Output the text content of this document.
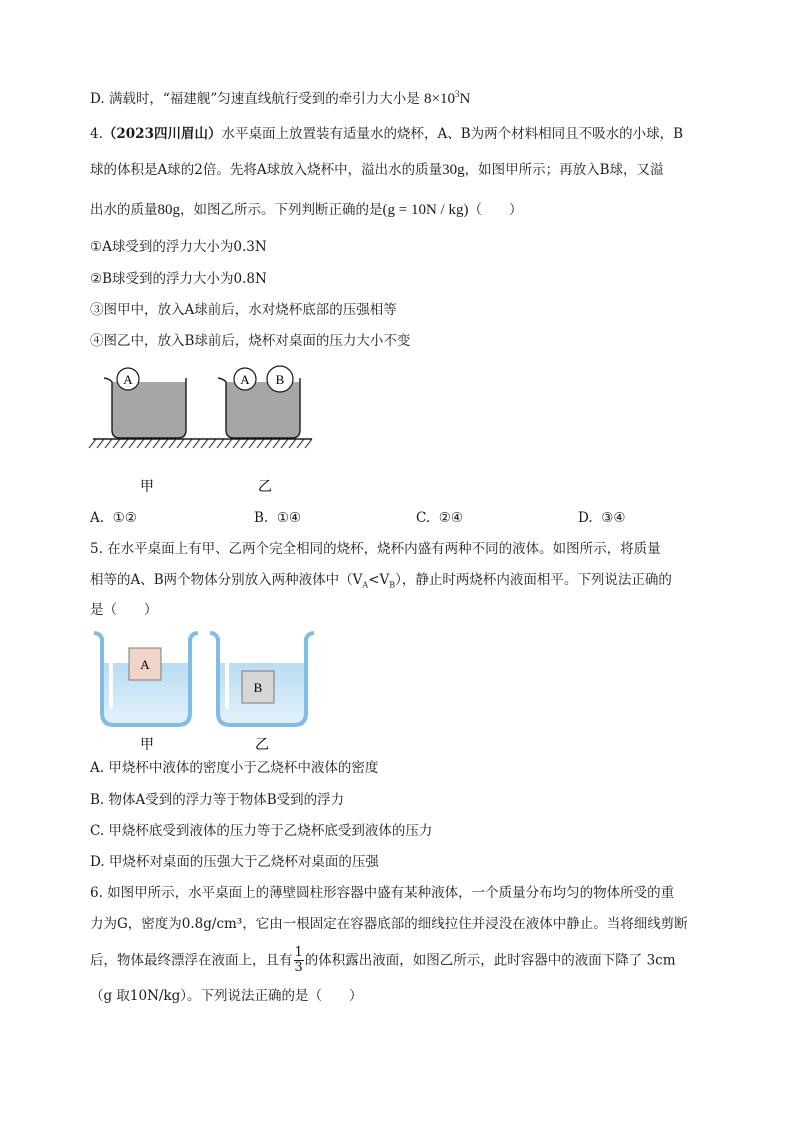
D. 满载时，“福建舰”匀速直线航行受到的牵引力大小是 $8\times 10^3N$
4.（2023四川眉山）水平桌面上放置装有适量水的烧杯，A、B为两个材料相同且不吸水的小球，B
球的体积是A球的2倍。先将A球放入烧杯中，溢出水的质量30g，如图甲所示；再放入B球，又溢
出水的质量80g，如图乙所示。下列判断正确的是(g = 10N / kg)（　　）
①A球受到的浮力大小为0.3N
②B球受到的浮力大小为0.8N
③图甲中，放入A球前后，水对烧杯底部的压强相等
④图乙中，放入B球前后，烧杯对桌面的压力大小不变
A	A B
甲	乙
A. ①②	B. ①④	C. ②④	D. ③④
5. 在水平桌面上有甲、乙两个完全相同的烧杯，烧杯内盛有两种不同的液体。如图所示，将质量
相等的A、B两个物体分别放入两种液体中$(V_A<V_B)$，静止时两烧杯内液面相平。下列说法正确的
是（　　）
A
B
甲	乙
A. 甲烧杯中液体的密度小于乙烧杯中液体的密度
B. 物体A受到的浮力等于物体B受到的浮力
C. 甲烧杯底受到液体的压力等于乙烧杯底受到液体的压力
D. 甲烧杯对桌面的压强大于乙烧杯对桌面的压强
6. 如图甲所示，水平桌面上的薄壁圆柱形容器中盛有某种液体，一个质量分布均匀的物体所受的重
力为G，密度为0.8g/cm³，它由一根固定在容器底部的细线拉住并浸没在液体中静止。当将细线剪断
后，物体最终漂浮在液面上，且有 $\frac{1}{3}$ 的体积露出液面，如图乙所示，此时容器中的液面下降了 3cm
（g 取10N/kg）。下列说法正确的是（　　）
